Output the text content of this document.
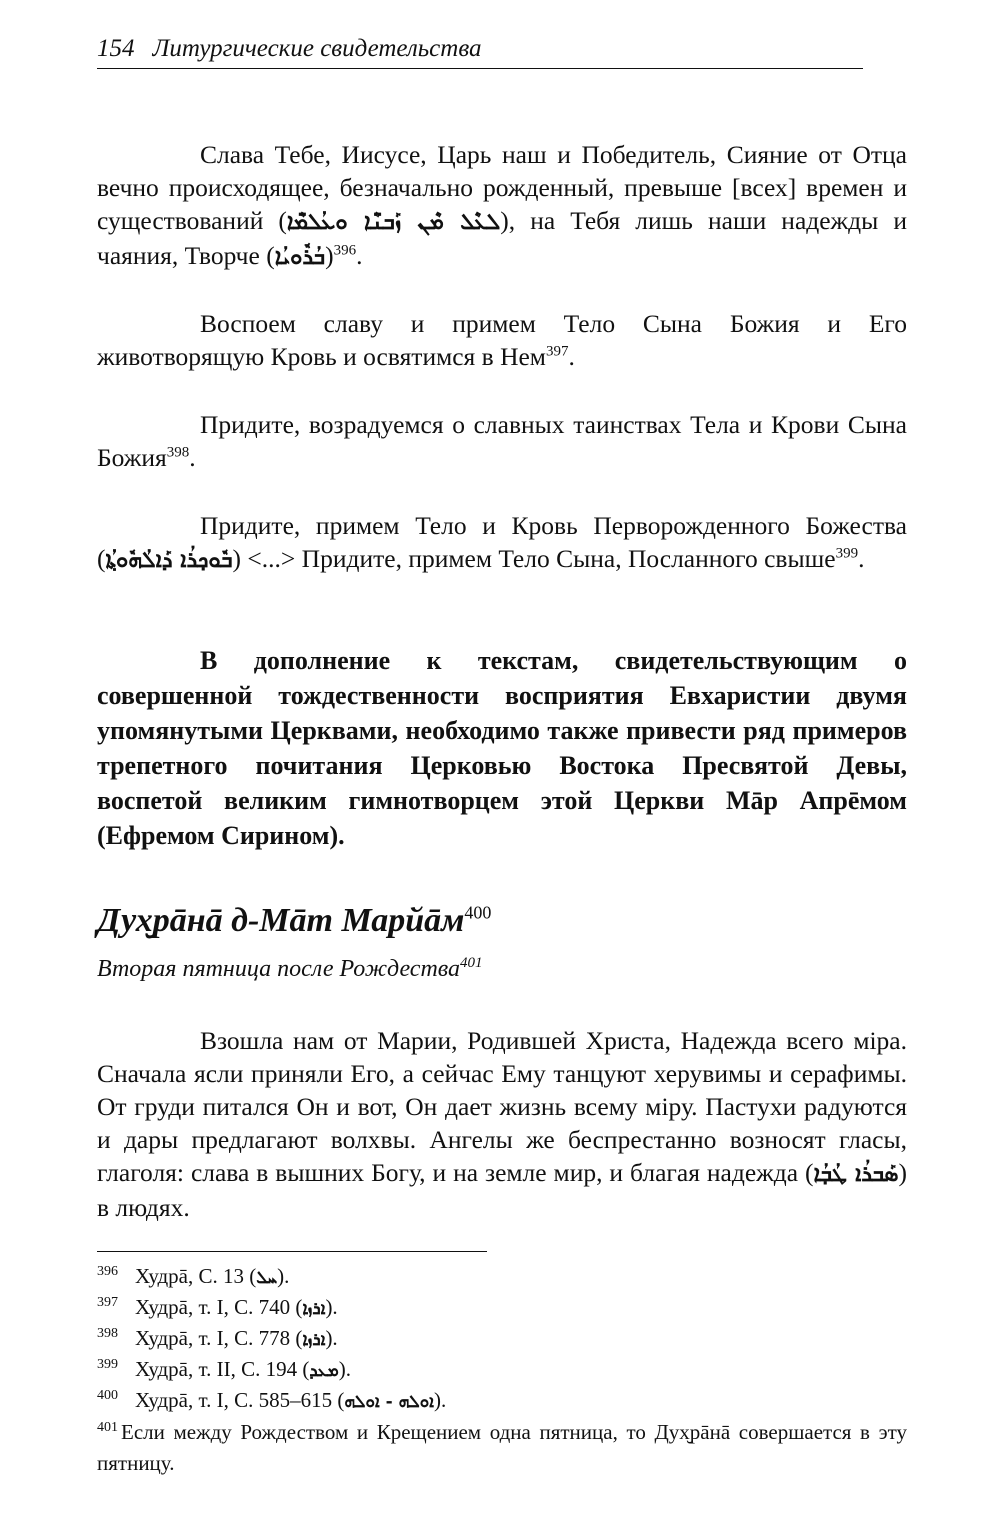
154 Литургические свидетельства

Слава Тебе, Иисусе, Царь наш и Победитель, Сияние от Отца вечно происходящее, безначально рожденный, превыше [всех] времен и существований (ܠܥܶܠ ܡܶܢ ܙܰܒܢ̈ܶܐ ܘܥܳܠܡ̈ܶܐ), на Тебя лишь наши надежды и чаяния, Творче (ܒܳܪܽܘܝܳܐ)$^{396}$.

Воспоем славу и примем Тело Сына Божия и Его животворящую Кровь и освятимся в Нем$^{397}$.

Придите, возрадуемся о славных таинствах Тела и Крови Сына Божия$^{398}$.

Придите, примем Тело и Кровь Перворожденного Божества (ܒܽܘܟ̣ܪܳܐ ܕܰܐܠܳܗܽܘܬ݂ܳܐ) <...> Придите, примем Тело Сына, Посланного свыше$^{399}$.

В дополнение к текстам, свидетельствующим о совершенной тождественности восприятия Евхаристии двумя упомянутыми Церквами, необходимо также привести ряд примеров трепетного почитания Церковью Востока Пресвятой Девы, воспетой великим гимнотворцем этой Церкви Мāр Апрēмом (Ефремом Сирином).

Дух̮рāнā д-Мāт Марйāм$^{400}$
Вторая пятница после Рождества$^{401}$

Взошла нам от Марии, Родившей Христа, Надежда всего міра. Сначала ясли приняли Его, а сейчас Ему танцуют херувимы и серафимы. От груди питался Он и вот, Он дает жизнь всему міру. Пастухи радуются и дары предлагают волхвы. Ангелы же беспрестанно возносят гласы, глаголя: слава в вышних Богу, и на земле мир, и благая надежда (ܣܰܒܪܳܐ ܛܳܒ̣ܳܐ) в людях.

396 Худрā, С. 13 (ܚܠ).

397 Худрā, т. I, С. 740 (ܐܪܙܐ).

398 Худрā, т. I, С. 778 (ܐܪܙܐ).

399 Худрā, т. II, С. 194 (ܡܥܕ).

400 Худрā, т. I, С. 585–615 (ܐܘܠܗ - ܐܘܠܗ).

401 Если между Рождеством и Крещением одна пятница, то Дух̮рāнā совершается в эту пятницу.
